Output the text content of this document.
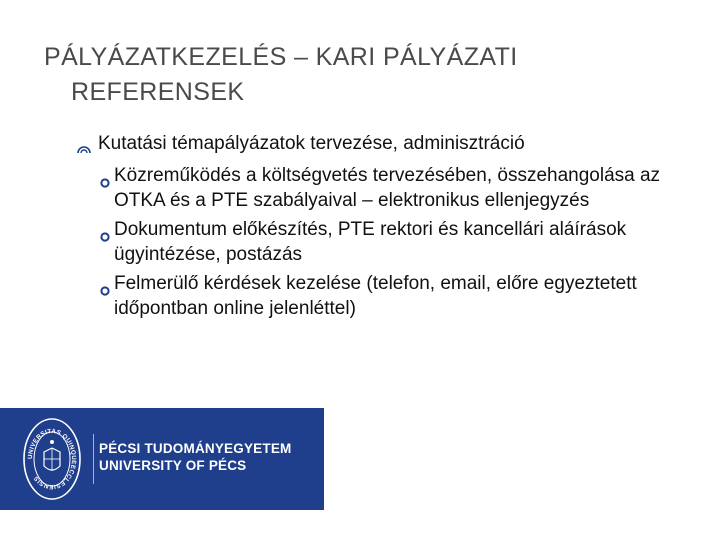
PÁLYÁZATKEZELÉS – KARI PÁLYÁZATI
REFERENSEK
Kutatási témapályázatok tervezése, adminisztráció
Közreműködés a költségvetés tervezésében, összehangolása az OTKA és a PTE szabályaival – elektronikus ellenjegyzés
Dokumentum előkészítés, PTE rektori és kancellári aláírások ügyintézése, postázás
Felmerülő kérdések kezelése (telefon, email, előre egyeztetett időpontban online jelenléttel)
UNIVERSITAS QUINQUEECCLESIENSIS
PÉCSI TUDOMÁNYEGYETEM
UNIVERSITY OF PÉCS
